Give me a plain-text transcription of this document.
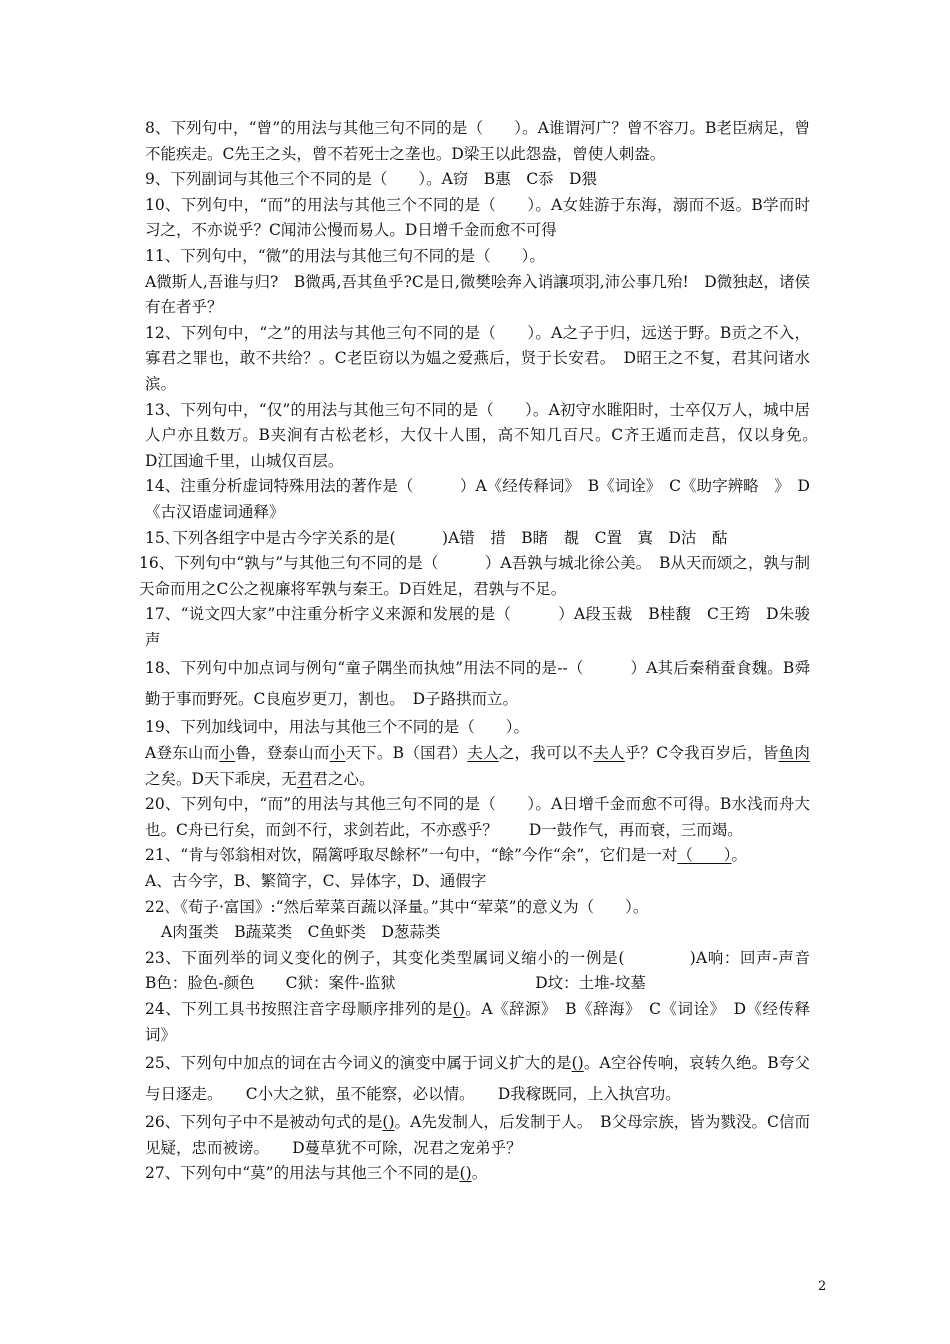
8、下列句中，“曾”的用法与其他三句不同的是（　　）。A谁谓河广？曾不容刀。B老臣病足，曾不能疾走。C先王之头，曾不若死士之垄也。D梁王以此怨盎，曾使人刺盎。

9、下列副词与其他三个不同的是（　　）。A窃　B惠　C忝　D猥

10、下列句中，“而”的用法与其他三个不同的是（　　）。A女娃游于东海，溺而不返。B学而时习之，不亦说乎？C闻沛公慢而易人。D日增千金而愈不可得

11、下列句中，“微”的用法与其他三句不同的是（　　）。

A微斯人,吾谁与归?　B微禹,吾其鱼乎?C是日,微樊哙奔入诮讓项羽,沛公事几殆!　D微独赵，诸侯有在者乎？

12、下列句中，“之”的用法与其他三句不同的是（　　）。A之子于归，远送于野。B贡之不入，寡君之罪也，敢不共给？。C老臣窃以为媪之爱燕后，贤于长安君。　D昭王之不复，君其问诸水滨。

13、下列句中，“仅”的用法与其他三句不同的是（　　）。A初守水睢阳时，士卒仅万人，城中居人户亦且数万。B夹涧有古松老杉，大仅十人围，高不知几百尺。C齐王遁而走莒，仅以身免。　　D江国逾千里，山城仅百层。

14、注重分析虚词特殊用法的著作是（　　　）A《经传释词》　B《词诠》　C《助字辨略　》　D《古汉语虚词通释》

15､下列各组字中是古今字关系的是(　　　)A错　措　B睹　覩　C置　寘　D沽　酤

16、下列句中“孰与”与其他三句不同的是（　　　）A吾孰与城北徐公美。　B从天而颂之，孰与制天命而用之C公之视廉将军孰与秦王。D百姓足，君孰与不足。

17、“说文四大家”中注重分析字义来源和发展的是（　　　）A段玉裁　B桂馥　C王筠　D朱骏声

18、下列句中加点词与例句“童子隅坐而执烛”用法不同的是--（　　　）A其后秦稍蚕食魏。B舜勤于事而野死。C良庖岁更刀，割也。　D子路拱而立。

19、下列加线词中，用法与其他三个不同的是（　　）。

A登东山而小鲁，登泰山而小天下。B（国君）夫人之，我可以不夫人乎？C令我百岁后，皆鱼肉之矣。D天下乖戾，无君君之心。

20、下列句中，“而”的用法与其他三句不同的是（　　）。A日增千金而愈不可得。B水浅而舟大也。C舟已行矣，而剑不行，求剑若此，不亦惑乎？　　D一鼓作气，再而衰，三而竭。

21、“肯与邻翁相对饮，隔篱呼取尽餘杯”一句中，“餘”今作“余”，它们是一对（　　）。

A、古今字，B、繁简字，C、异体字，D、通假字

22､《荀子·富国》:“然后荤菜百蔬以泽量。”其中“荤菜”的意义为（　　）。

A肉蛋类　B蔬菜类　C鱼虾类　D葱蒜类

23、下面列举的词义变化的例子，其变化类型属词义缩小的一例是(　　　　)A响：回声-声音　　B色：脸色-颜色　　C狱：案件-监狱　　　　　　　　　D坟：土堆-坟墓

24、下列工具书按照注音字母顺序排列的是()。A《辞源》　B《辞海》　C《词诠》　D《经传释词》

25、下列句中加点的词在古今词义的演变中属于词义扩大的是()。A空谷传响，哀转久绝。B夸父与日逐走。　　C小大之狱，虽不能察，必以情。　　D我稼既同，上入执宫功。

26、下列句子中不是被动句式的是()。A先发制人，后发制于人。　B父母宗族，皆为戮没。C信而见疑，忠而被谤。　　D蔓草犹不可除，况君之宠弟乎？

27、下列句中“莫”的用法与其他三个不同的是()。

2
